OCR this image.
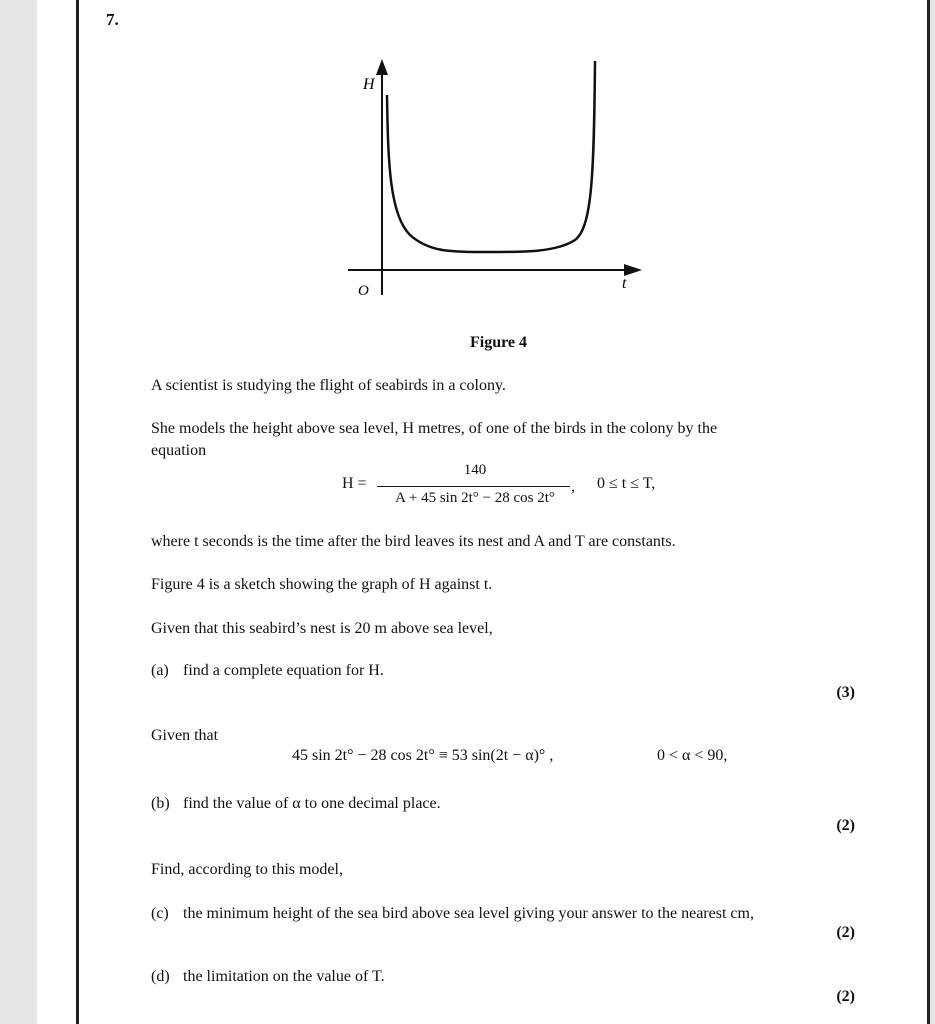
7.
H
t
O
Figure 4
A scientist is studying the flight of seabirds in a colony.
She models the height above sea level, H metres, of one of the birds in the colony by the
equation
H =
140
A + 45 sin 2t° − 28 cos 2t°
, 0 ≤ t ≤ T,
where t seconds is the time after the bird leaves its nest and A and T are constants.
Figure 4 is a sketch showing the graph of H against t.
Given that this seabird’s nest is 20 m above sea level,
(a) find a complete equation for H.
(3)
Given that
45 sin 2t° − 28 cos 2t° ≡ 53 sin(2t − α)° ,	0 < α < 90,
(b) find the value of α to one decimal place.
(2)
Find, according to this model,
(c) the minimum height of the sea bird above sea level giving your answer to the nearest cm,
(2)
(d) the limitation on the value of T.
(2)
